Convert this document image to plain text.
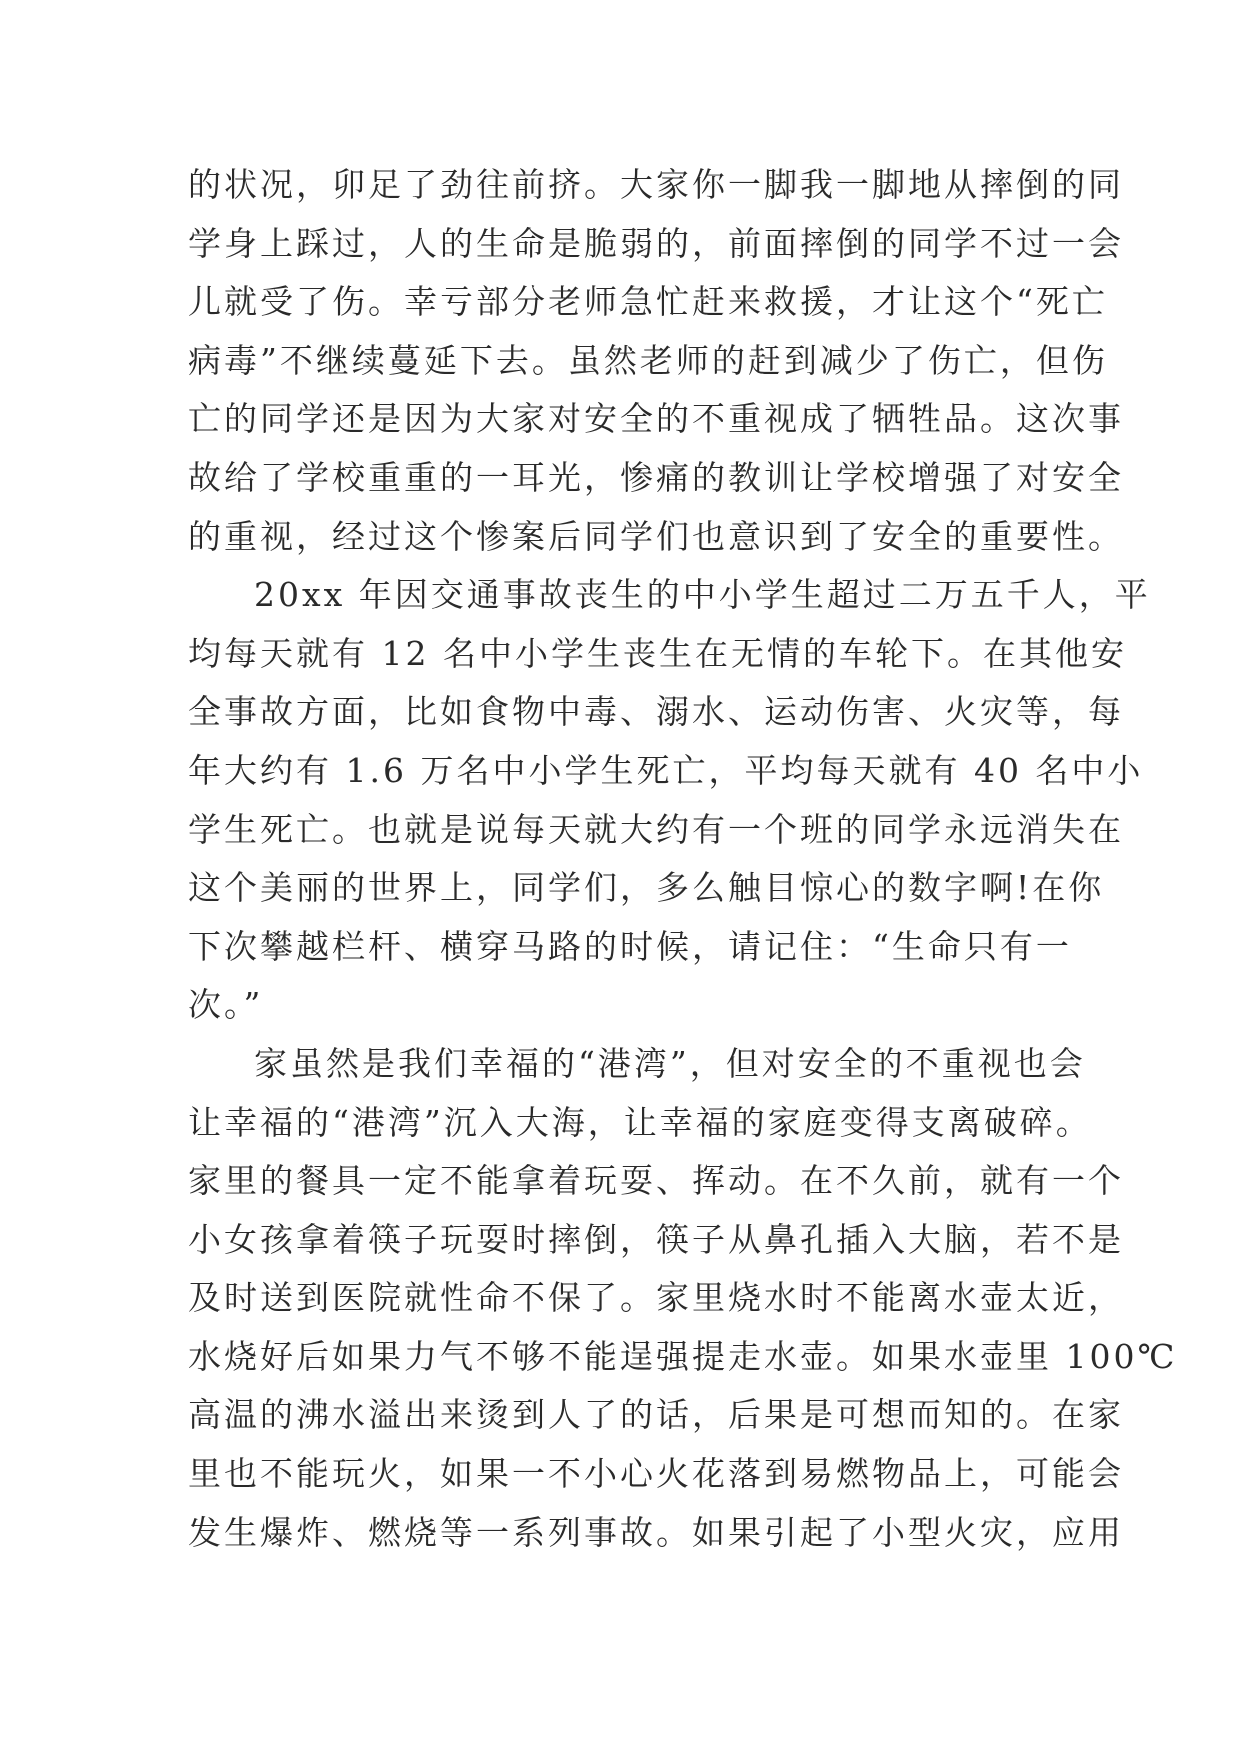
的状况，卯足了劲往前挤。大家你一脚我一脚地从摔倒的同
学身上踩过，人的生命是脆弱的，前面摔倒的同学不过一会
儿就受了伤。幸亏部分老师急忙赶来救援，才让这个“死亡
病毒”不继续蔓延下去。虽然老师的赶到减少了伤亡，但伤
亡的同学还是因为大家对安全的不重视成了牺牲品。这次事
故给了学校重重的一耳光，惨痛的教训让学校增强了对安全
的重视，经过这个惨案后同学们也意识到了安全的重要性。
20xx 年因交通事故丧生的中小学生超过二万五千人，平
均每天就有 12 名中小学生丧生在无情的车轮下。在其他安
全事故方面，比如食物中毒、溺水、运动伤害、火灾等，每
年大约有 1.6 万名中小学生死亡，平均每天就有 40 名中小
学生死亡。也就是说每天就大约有一个班的同学永远消失在
这个美丽的世界上，同学们，多么触目惊心的数字啊!在你
下次攀越栏杆、横穿马路的时候，请记住：“生命只有一
次。”
家虽然是我们幸福的“港湾”，但对安全的不重视也会
让幸福的“港湾”沉入大海，让幸福的家庭变得支离破碎。
家里的餐具一定不能拿着玩耍、挥动。在不久前，就有一个
小女孩拿着筷子玩耍时摔倒，筷子从鼻孔插入大脑，若不是
及时送到医院就性命不保了。家里烧水时不能离水壶太近，
水烧好后如果力气不够不能逞强提走水壶。如果水壶里 100℃
高温的沸水溢出来烫到人了的话，后果是可想而知的。在家
里也不能玩火，如果一不小心火花落到易燃物品上，可能会
发生爆炸、燃烧等一系列事故。如果引起了小型火灾，应用
